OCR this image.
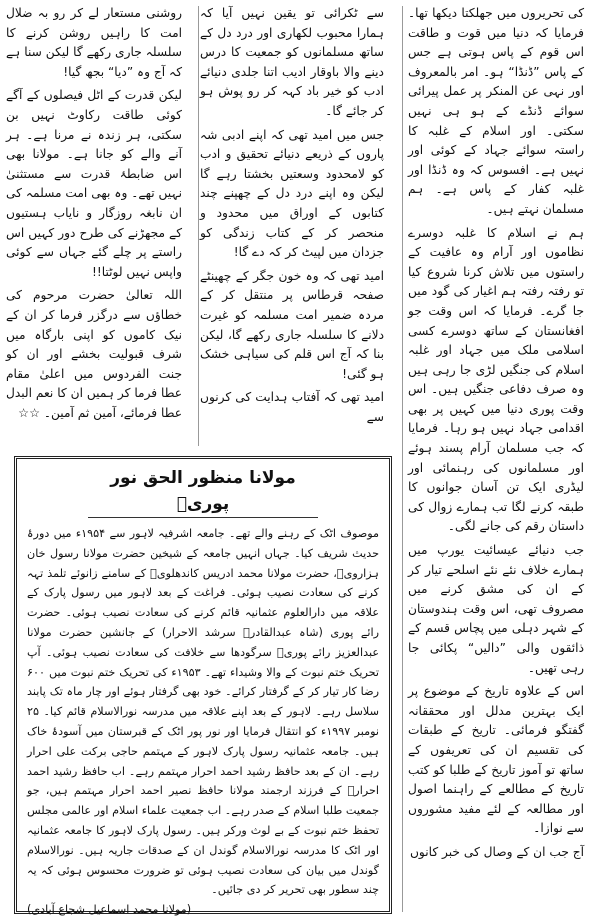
کی تحریروں میں جھلکتا دیکھا تھا۔ فرمایا کہ دنیا میں قوت و طاقت اس قوم کے پاس ہوتی ہے جس کے پاس ”ڈنڈا“ ہو۔ امر بالمعروف اور نہی عن المنکر پر عمل پیرائی سوائے ڈنڈے کے ہو ہی نہیں سکتی۔ اور اسلام کے غلبہ کا راستہ سوائے جہاد کے کوئی اور نہیں ہے۔ افسوس کہ وہ ڈنڈا اور غلبہ کفار کے پاس ہے۔ ہم مسلمان نہتے ہیں۔

ہم نے اسلام کا غلبہ دوسرے نظاموں اور آرام وہ عافیت کے راستوں میں تلاش کرنا شروع کیا تو رفتہ رفتہ ہم اغیار کی گود میں جا گرے۔ فرمایا کہ اس وقت جو افغانستان کے ساتھ دوسرے کسی اسلامی ملک میں جہاد اور غلبہ اسلام کی جنگیں لڑی جا رہی ہیں وہ صرف دفاعی جنگیں ہیں۔ اس وقت پوری دنیا میں کہیں پر بھی اقدامی جہاد نہیں ہو رہا۔ فرمایا کہ جب مسلمان آرام پسند ہوئے اور مسلمانوں کی رہنمائی اور لیڈری ایک تن آسان جوانوں کا طبقہ کرنے لگا تب ہمارے زوال کی داستان رقم کی جانے لگی۔

جب دنیائے عیسائیت یورپ میں ہمارے خلاف نئے نئے اسلحے تیار کر کے ان کی مشق کرنے میں مصروف تھی، اس وقت ہندوستان کے شہر دہلی میں پچاس قسم کے ذائقوں والی ”دالیں“ پکائی جا رہی تھیں۔

اس کے علاوہ تاریخ کے موضوع پر ایک بہترین مدلل اور محققانہ گفتگو فرمائی۔ تاریخ کے طبقات کی تقسیم ان کی تعریفوں کے ساتھ تو آموز تاریخ کے طلبا کو کتب تاریخ کے مطالعے کے راہنما اصول اور مطالعہ کے لئے مفید مشوروں سے نوازا۔

آج جب ان کے وصال کی خبر کانوں

سے ٹکرائی تو یقین نہیں آیا کہ ہمارا محبوب لکھاری اور درد دل کے ساتھ مسلمانوں کو جمعیت کا درس دینے والا باوقار ادیب اتنا جلدی دنیائے ادب کو خیر باد کہہ کر رو پوش ہو کر جائے گا۔

جس میں امید تھی کہ اپنے ادبی شہ پاروں کے ذریعے دنیائے تحقیق و ادب کو لامحدود وسعتیں بخشتا رہے گا لیکن وہ اپنے درد دل کے چھپنے چند کتابوں کے اوراق میں محدود و منحصر کر کے کتاب زندگی کو جزدان میں لپیٹ کر کہ دے گا!

امید تھی کہ وہ خون جگر کے چھینٹے صفحہ قرطاس پر منتقل کر کے مردہ ضمیر امت مسلمہ کو غیرت دلانے کا سلسلہ جاری رکھے گا، لیکن بنا کہ آج اس قلم کی سیاہی خشک ہو گئی!

امید تھی کہ آفتاب ہدایت کی کرنوں سے

روشنی مستعار لے کر رو بہ ضلال امت کا راہیں روشن کرنے کا سلسلہ جاری رکھے گا لیکن سنا ہے کہ آج وہ ”دیا“ بجھ گیا!

لیکن قدرت کے اٹل فیصلوں کے آگے کوئی طاقت رکاوٹ نہیں بن سکتی، ہر زندہ نے مرنا ہے۔ ہر آنے والے کو جانا ہے۔ مولانا بھی اس ضابطۂ قدرت سے مستثنیٰ نہیں تھے۔ وہ بھی امت مسلمہ کی ان نابغہ روزگار و نایاب ہستیوں کے مجھڑنے کی طرح دور کہیں اس راستے پر چلے گئے جہاں سے کوئی واپس نہیں لوٹتا!!

اللہ تعالیٰ حضرت مرحوم کی خطاؤں سے درگزر فرما کر ان کے نیک کاموں کو اپنی بارگاہ میں شرف قبولیت بخشے اور ان کو جنت الفردوس میں اعلیٰ مقام عطا فرما کر ہمیں ان کا نعم البدل عطا فرمائے، آمین ثم آمین۔ ☆☆

مولانا منظور الحق نور پوریؒ

موصوف اٹک کے رہنے والے تھے۔ جامعہ اشرفیہ لاہور سے ۱۹۵۴ء میں دورۂ حدیث شریف کیا۔ جہاں انہیں جامعہ کے شیخین حضرت مولانا رسول خان ہزارویؒ، حضرت مولانا محمد ادریس کاندھلویؒ کے سامنے زانوئے تلمذ تہہ کرنے کی سعادت نصیب ہوئی۔ فراغت کے بعد لاہور میں رسول پارک کے علاقہ میں دارالعلوم عثمانیہ قائم کرنے کی سعادت نصیب ہوئی۔ حضرت رائے پوری (شاہ عبدالقادرؒ سرشد الاحرار) کے جانشین حضرت مولانا عبدالعزیز رائے پوریؒ سرگودھا سے خلافت کی سعادت نصیب ہوئی۔ آپ تحریک ختم نبوت کے والا وشیداء تھے۔ ۱۹۵۳ء کی تحریک ختم نبوت میں ۶۰۰ رضا کار تیار کر کے گرفتار کرائے۔ خود بھی گرفتار ہوئے اور چار ماہ تک پابند سلاسل رہے۔ لاہور کے بعد اپنے علاقہ میں مدرسہ نورالاسلام قائم کیا۔ ۲۵ نومبر ۱۹۹۷ء کو انتقال فرمایا اور نور پور اٹک کے قبرستان میں آسودۂ خاک ہیں۔ جامعہ عثمانیہ رسول پارک لاہور کے مہتمم حاجی برکت علی احرار رہے۔ ان کے بعد حافظ رشید احمد احرار مہتمم رہے۔ اب حافظ رشید احمد احرارؒ کے فرزند ارجمند مولانا حافظ نصیر احمد احرار مہتمم ہیں، جو جمعیت طلبا اسلام کے صدر رہے۔ اب جمعیت علماء اسلام اور عالمی مجلس تحفظ ختم نبوت کے بے لوث ورکر ہیں۔ رسول پارک لاہور کا جامعہ عثمانیہ اور اٹک کا مدرسہ نورالاسلام گوندل ان کے صدقات جاریہ ہیں۔ نورالاسلام گوندل میں بیان کی سعادت نصیب ہوئی تو ضرورت محسوس ہوئی کہ یہ چند سطور بھی تحریر کر دی جائیں۔

(مولانا محمد اسماعیل شجاع آبادی)
